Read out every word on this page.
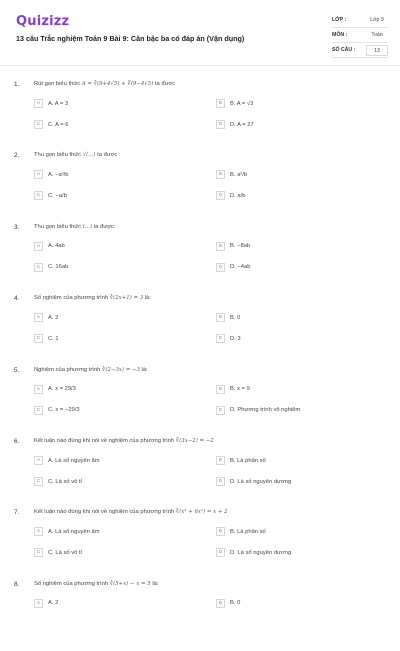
Quizizz
13 câu Trắc nghiệm Toán 9 Bài 9: Căn bậc ba có đáp án (Vận dụng)
LỚP :	Lớp 9
MÔN :	Toán
SỐ CÂU :	13
1.	Rút gọn biểu thức A = ∛(9+4√5) + ∛(9−4√5) ta được
A	A. A = 3	B	B. A = √3
C	C. A = 6	D	D. A = 27
2.	Thu gọn biểu thức √(...) ta được
A	A. −a²/b	B	B. a²/b
C	C. −a/b	D	D. a/b
3.	Thu gọn biểu thức (...) ta được:
A	A. 4ab	B	B. −8ab
C	C. 16ab	D	D. −4ab
4.	Số nghiệm của phương trình ∛(2x+1) = 3 là:
A	A. 2	B	B. 0
C	C. 1	D	D. 3
5.	Nghiệm của phương trình ∛(2−3x) = −3 là:
A	A. x = 29/3	B	B. x = 9
C	C. x = −29/3	D	D. Phương trình vô nghiệm
6.	Kết luận nào đúng khi nói về nghiệm của phương trình ∛(3x−2) = −2
A	A. Là số nguyên âm	B	B. Là phân số
C	C. Là số vô tỉ	D	D. Là số nguyên dương
7.	Kết luận nào đúng khi nói về nghiệm của phương trình ∛(x³ + 6x²) = x + 2
A	A. Là số nguyên âm	B	B. Là phân số
C	C. Là số vô tỉ	D	D. Là số nguyên dương
8.	Số nghiệm của phương trình ∛(5+x) − x = 5 là:
A	A. 2	B	B. 0
